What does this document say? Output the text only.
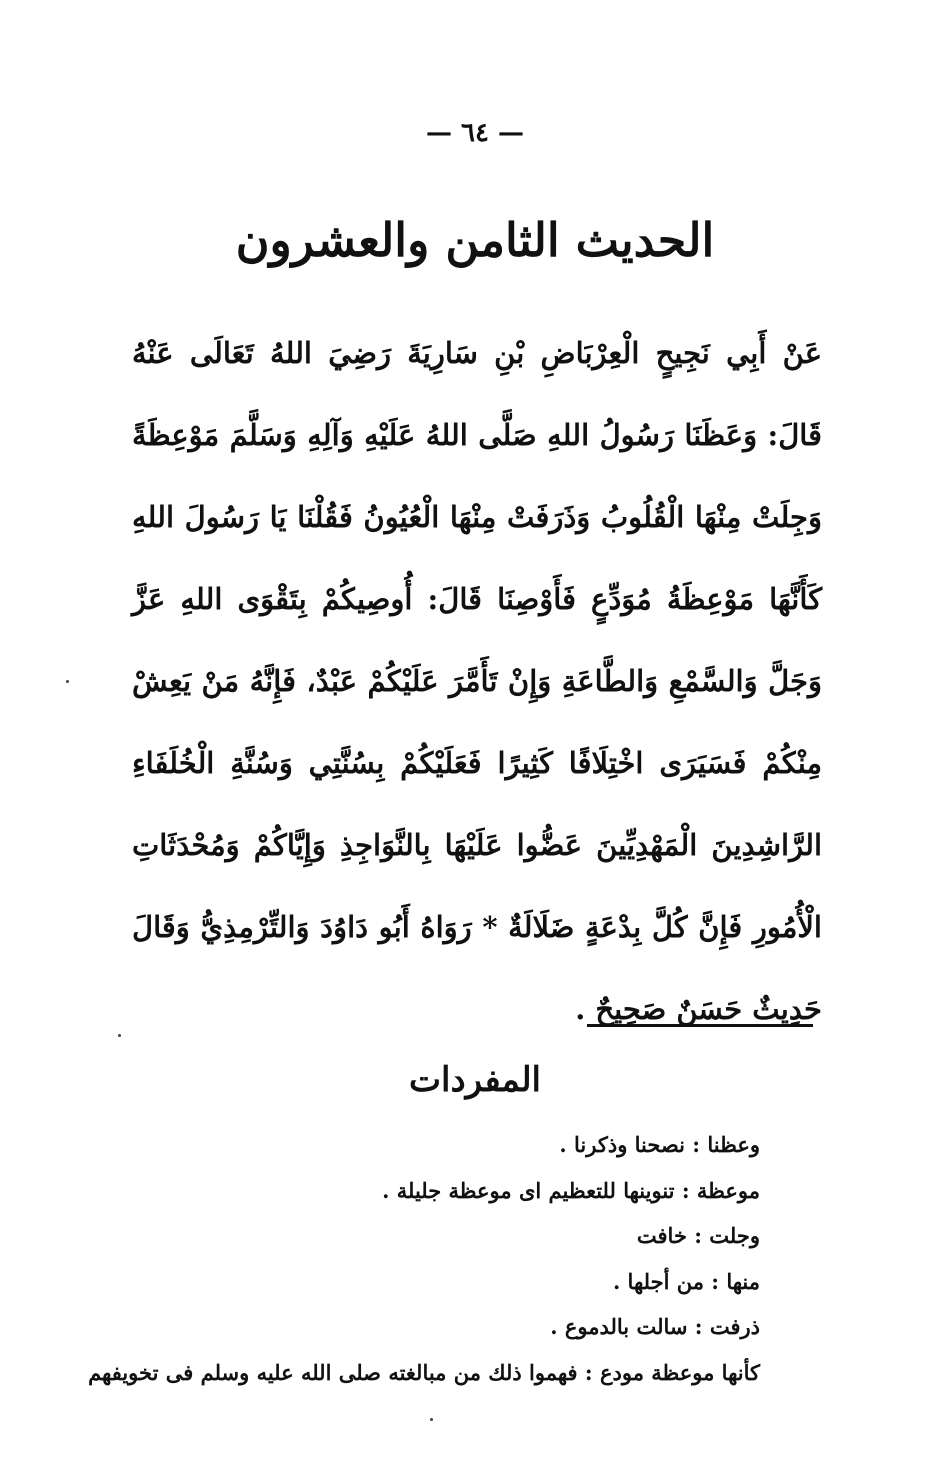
— ٦٤ —
الحديث الثامن والعشرون

عَنْ أَبِي نَجِيحٍ الْعِرْبَاضِ بْنِ سَارِيَةَ رَضِيَ اللهُ تَعَالَى عَنْهُ قَالَ: وَعَظَنَا رَسُولُ اللهِ صَلَّى اللهُ عَلَيْهِ وَآلِهِ وَسَلَّمَ مَوْعِظَةً وَجِلَتْ مِنْهَا الْقُلُوبُ وَذَرَفَتْ مِنْهَا الْعُيُونُ فَقُلْنَا يَا رَسُولَ اللهِ كَأَنَّهَا مَوْعِظَةُ مُوَدِّعٍ فَأَوْصِنَا قَالَ: أُوصِيكُمْ بِتَقْوَى اللهِ عَزَّ وَجَلَّ وَالسَّمْعِ وَالطَّاعَةِ وَإِنْ تَأَمَّرَ عَلَيْكُمْ عَبْدٌ، فَإِنَّهُ مَنْ يَعِشْ مِنْكُمْ فَسَيَرَى اخْتِلَافًا كَثِيرًا فَعَلَيْكُمْ بِسُنَّتِي وَسُنَّةِ الْخُلَفَاءِ الرَّاشِدِينَ الْمَهْدِيِّينَ عَضُّوا عَلَيْهَا بِالنَّوَاجِذِ وَإِيَّاكُمْ وَمُحْدَثَاتِ الْأُمُورِ فَإِنَّ كُلَّ بِدْعَةٍ ضَلَالَةٌ * رَوَاهُ أَبُو دَاوُدَ وَالتِّرْمِذِيُّ وَقَالَ حَدِيثٌ حَسَنٌ صَحِيحٌ .

المفردات
وعظنا : نصحنا وذكرنا .
موعظة : تنوينها للتعظيم اى موعظة جليلة .
وجلت : خافت
منها : من أجلها .
ذرفت : سالت بالدموع .
كأنها موعظة مودع : فهموا ذلك من مبالغته صلى الله عليه وسلم فى تخويفهم
